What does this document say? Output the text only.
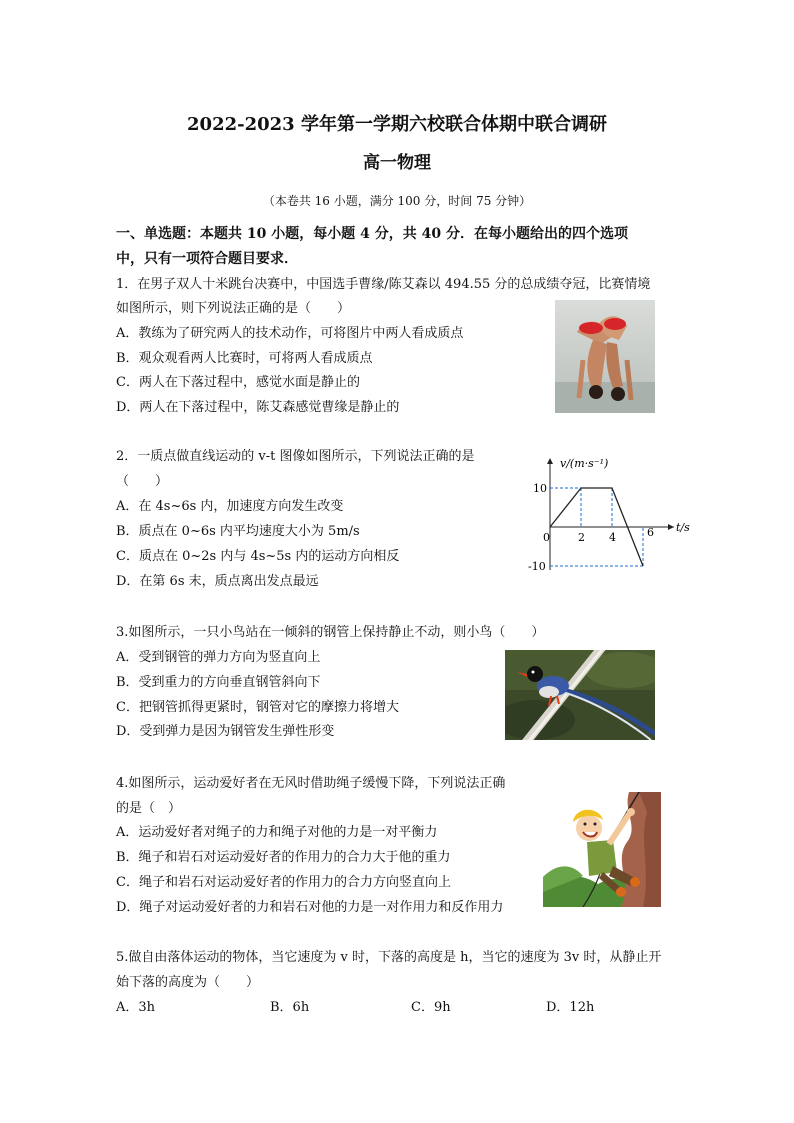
2022-2023 学年第一学期六校联合体期中联合调研
高一物理
（本卷共 16 小题，满分 100 分，时间 75 分钟）
一、单选题：本题共 10 小题，每小题 4 分，共 40 分．在每小题给出的四个选项
中，只有一项符合题目要求．
1．在男子双人十米跳台决赛中，中国选手曹缘/陈艾森以 494.55 分的总成绩夺冠，比赛情境
如图所示，则下列说法正确的是（　　）
A．教练为了研究两人的技术动作，可将图片中两人看成质点
B．观众观看两人比赛时，可将两人看成质点
C．两人在下落过程中，感觉水面是静止的
D．两人在下落过程中，陈艾森感觉曹缘是静止的
2．一质点做直线运动的 v-t 图像如图所示，下列说法正确的是
（　　）
A．在 4s~6s 内，加速度方向发生改变
B．质点在 0~6s 内平均速度大小为 5m/s
C．质点在 0~2s 内与 4s~5s 内的运动方向相反
D．在第 6s 末，质点离出发点最远
v/(m·s⁻¹)
t/s
0	2 4	6
10
-10
3.如图所示，一只小鸟站在一倾斜的钢管上保持静止不动，则小鸟（　　）
A．受到钢管的弹力方向为竖直向上
B．受到重力的方向垂直钢管斜向下
C．把钢管抓得更紧时，钢管对它的摩擦力将增大
D．受到弹力是因为钢管发生弹性形变
4.如图所示，运动爱好者在无风时借助绳子缓慢下降，下列说法正确
的是（　）
A．运动爱好者对绳子的力和绳子对他的力是一对平衡力
B．绳子和岩石对运动爱好者的作用力的合力大于他的重力
C．绳子和岩石对运动爱好者的作用力的合力方向竖直向上
D．绳子对运动爱好者的力和岩石对他的力是一对作用力和反作用力
5.做自由落体运动的物体，当它速度为 v 时，下落的高度是 h，当它的速度为 3v 时，从静止开
始下落的高度为（　　）
A．3h	B．6h	C．9h	D．12h
